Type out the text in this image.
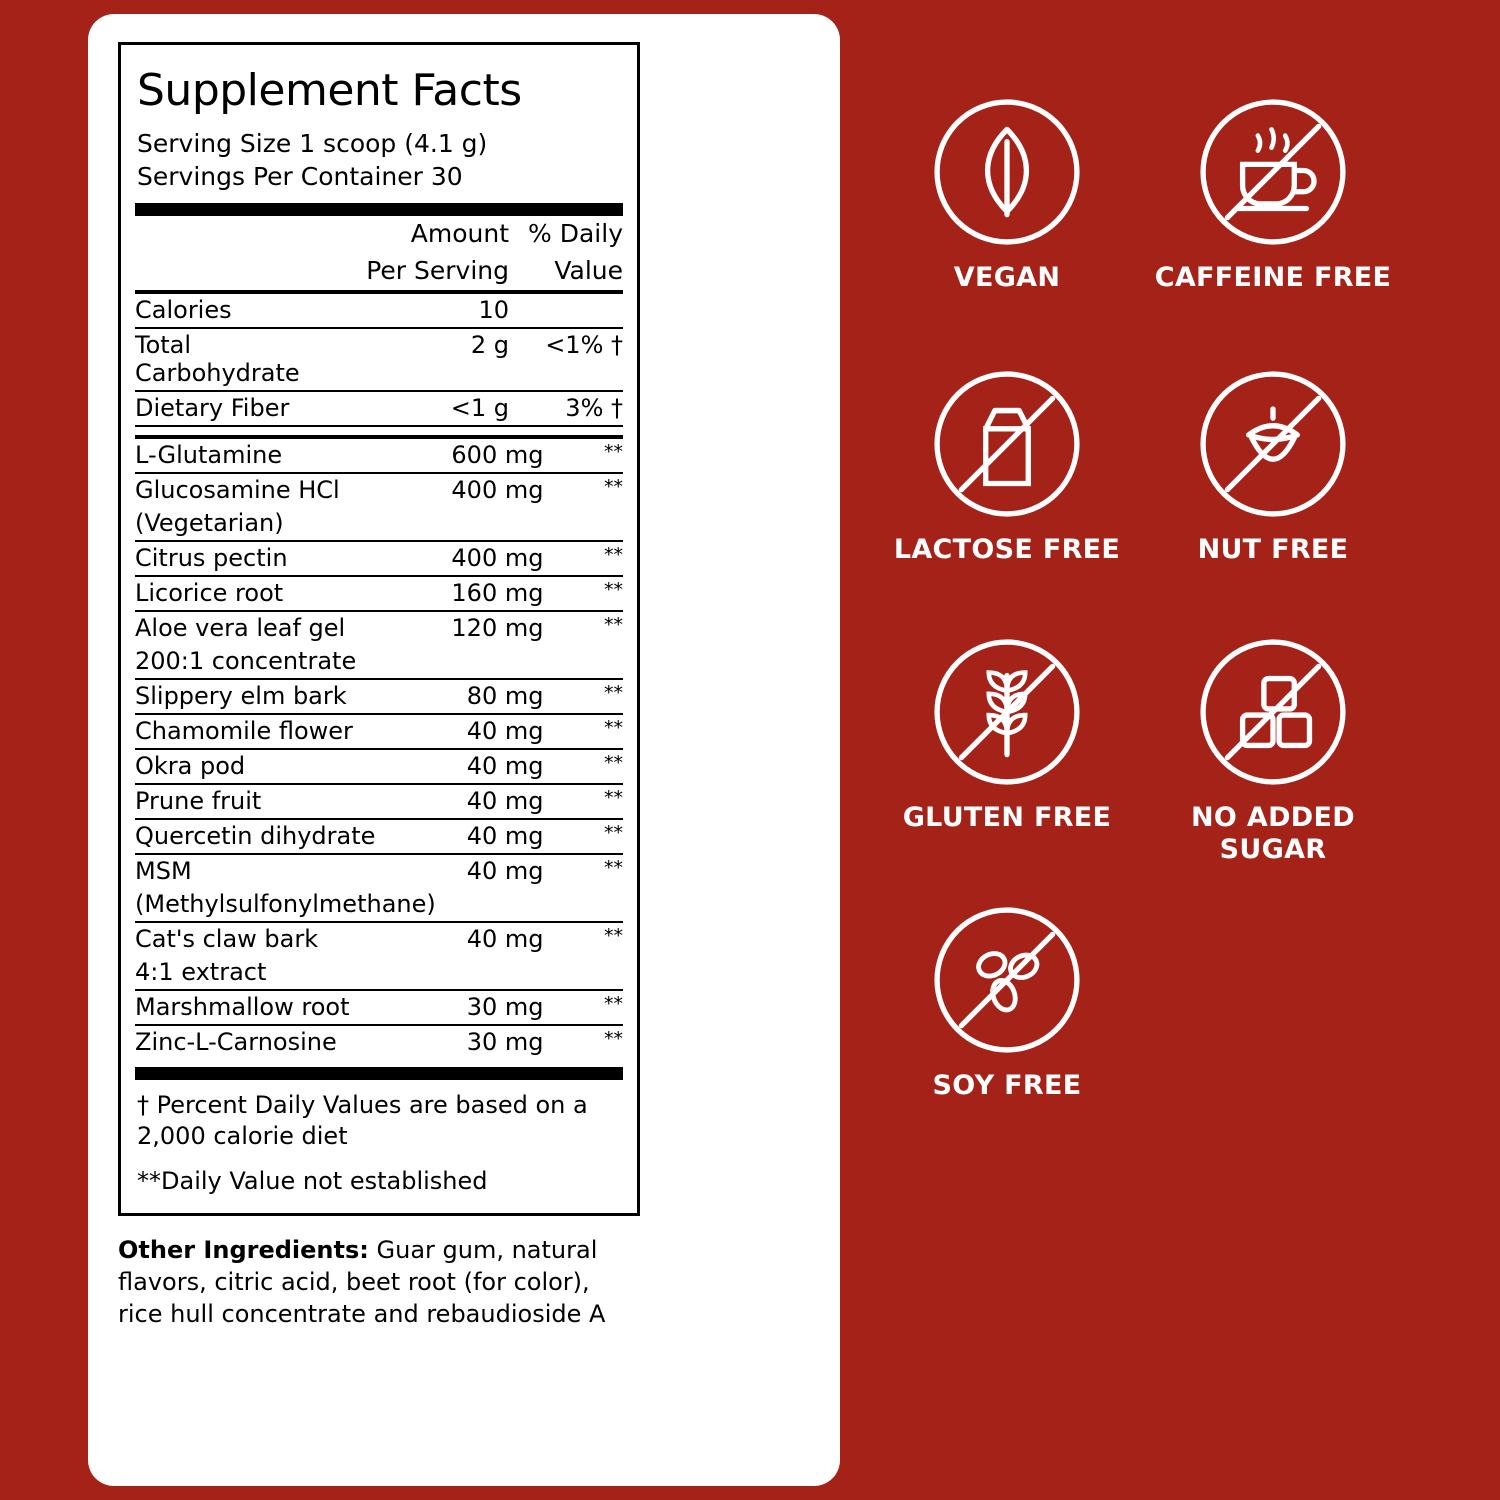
Supplement Facts
Serving Size 1 scoop (4.1 g)
Servings Per Container 30
	Amount	% Daily
	Per Serving	Value
Calories	10	
Total Carbohydrate	2 g	<1% †
Dietary Fiber	<1 g	3% †
L-Glutamine	600 mg	**
Glucosamine HCl	400 mg	**
(Vegetarian)		
Citrus pectin	400 mg	**
Licorice root	160 mg	**
Aloe vera leaf gel	120 mg	**
200:1 concentrate		
Slippery elm bark	80 mg	**
Chamomile flower	40 mg	**
Okra pod	40 mg	**
Prune fruit	40 mg	**
Quercetin dihydrate	40 mg	**
MSM	40 mg	**
(Methylsulfonylmethane)		
Cat's claw bark	40 mg	**
4:1 extract		
Marshmallow root	30 mg	**
Zinc-L-Carnosine	30 mg	**
† Percent Daily Values are based on a 2,000 calorie diet
**Daily Value not established
Other Ingredients: Guar gum, natural flavors, citric acid, beet root (for color), rice hull concentrate and rebaudioside A
VEGAN	CAFFEINE FREE
LACTOSE FREE	NUT FREE
GLUTEN FREE	NO ADDED SUGAR
SOY FREE
